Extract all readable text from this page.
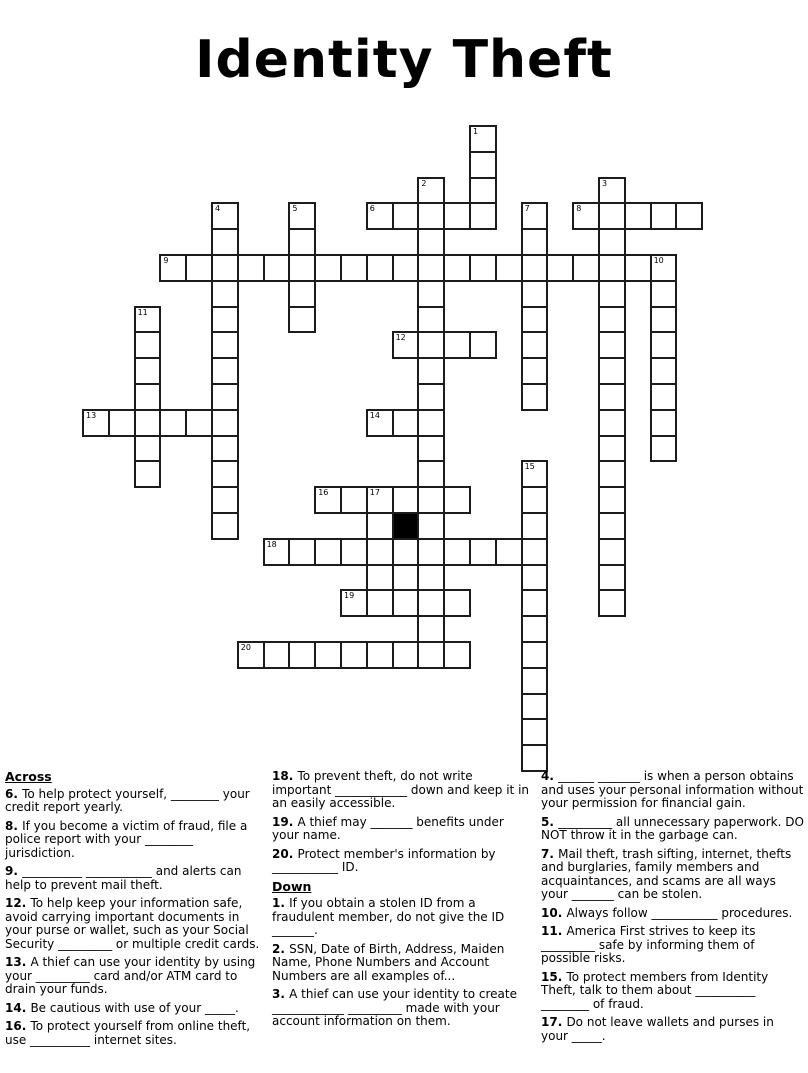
Identity Theft
6	8
9	10
12
13	14
16	17
18
19
20
1
2	3
4	5	7
11
15
Across
6. To help protect yourself, ________ your credit report yearly.
8. If you become a victim of fraud, file a police report with your ________ jurisdiction.
9. __________ ___________ and alerts can help to prevent mail theft.
12. To help keep your information safe, avoid carrying important documents in your purse or wallet, such as your Social Security _________ or multiple credit cards.
13. A thief can use your identity by using your _________ card and/or ATM card to drain your funds.
14. Be cautious with use of your _____.
16. To protect yourself from online theft, use __________ internet sites.
18. To prevent theft, do not write important ____________ down and keep it in an easily accessible.
19. A thief may _______ benefits under your name.
20. Protect member's information by ___________ ID.
Down
1. If you obtain a stolen ID from a fraudulent member, do not give the ID _______.
2. SSN, Date of Birth, Address, Maiden Name, Phone Numbers and Account Numbers are all examples of...
3. A thief can use your identity to create ____________ _________ made with your account information on them.
4. ______ _______ is when a person obtains and uses your personal information without your permission for financial gain.
5. _________ all unnecessary paperwork. DO NOT throw it in the garbage can.
7. Mail theft, trash sifting, internet, thefts and burglaries, family members and acquaintances, and scams are all ways your _______ can be stolen.
10. Always follow ___________ procedures.
11. America First strives to keep its _________ safe by informing them of possible risks.
15. To protect members from Identity Theft, talk to them about __________ ________ of fraud.
17. Do not leave wallets and purses in your _____.
